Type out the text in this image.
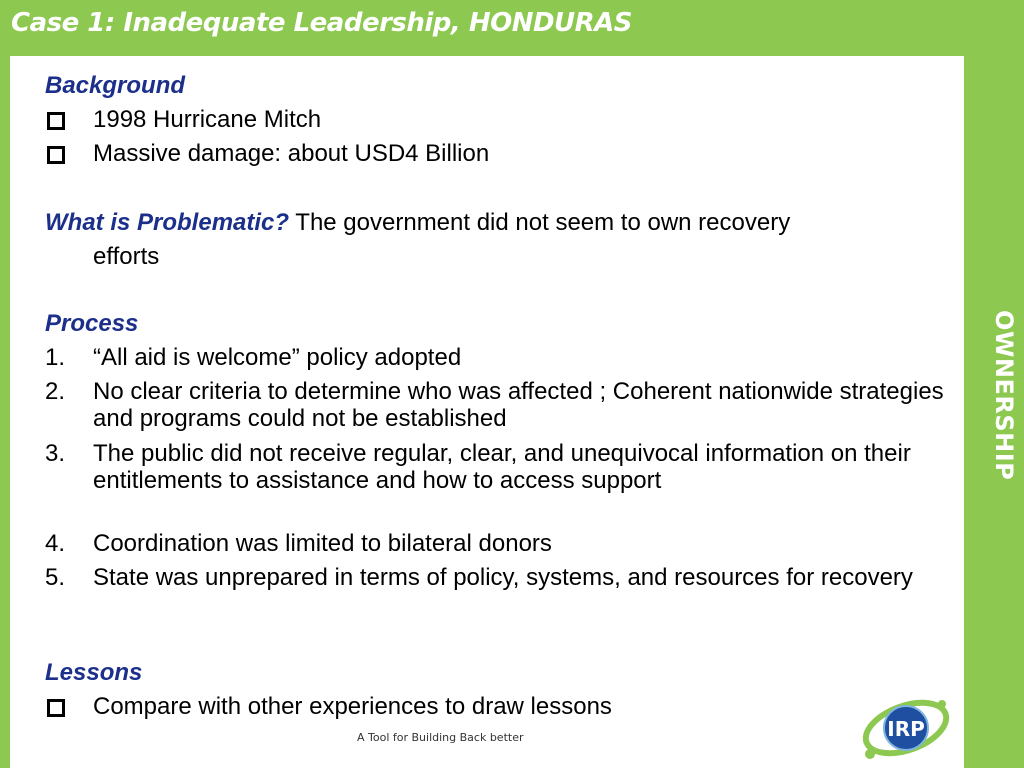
Case 1: Inadequate Leadership, HONDURAS
Background
1998 Hurricane Mitch
Massive damage: about USD4 Billion
What is Problematic? The government did not seem to own recovery
efforts
Process
1. “All aid is welcome” policy adopted
2. No clear criteria to determine who was affected ; Coherent nationwide strategies and programs could not be established
3. The public did not receive regular, clear, and unequivocal information on their entitlements to assistance and how to access support
4. Coordination was limited to bilateral donors
5. State was unprepared in terms of policy, systems, and resources for recovery
Lessons
Compare with other experiences to draw lessons
OWNERSHIP
A Tool for Building Back better	IRP
